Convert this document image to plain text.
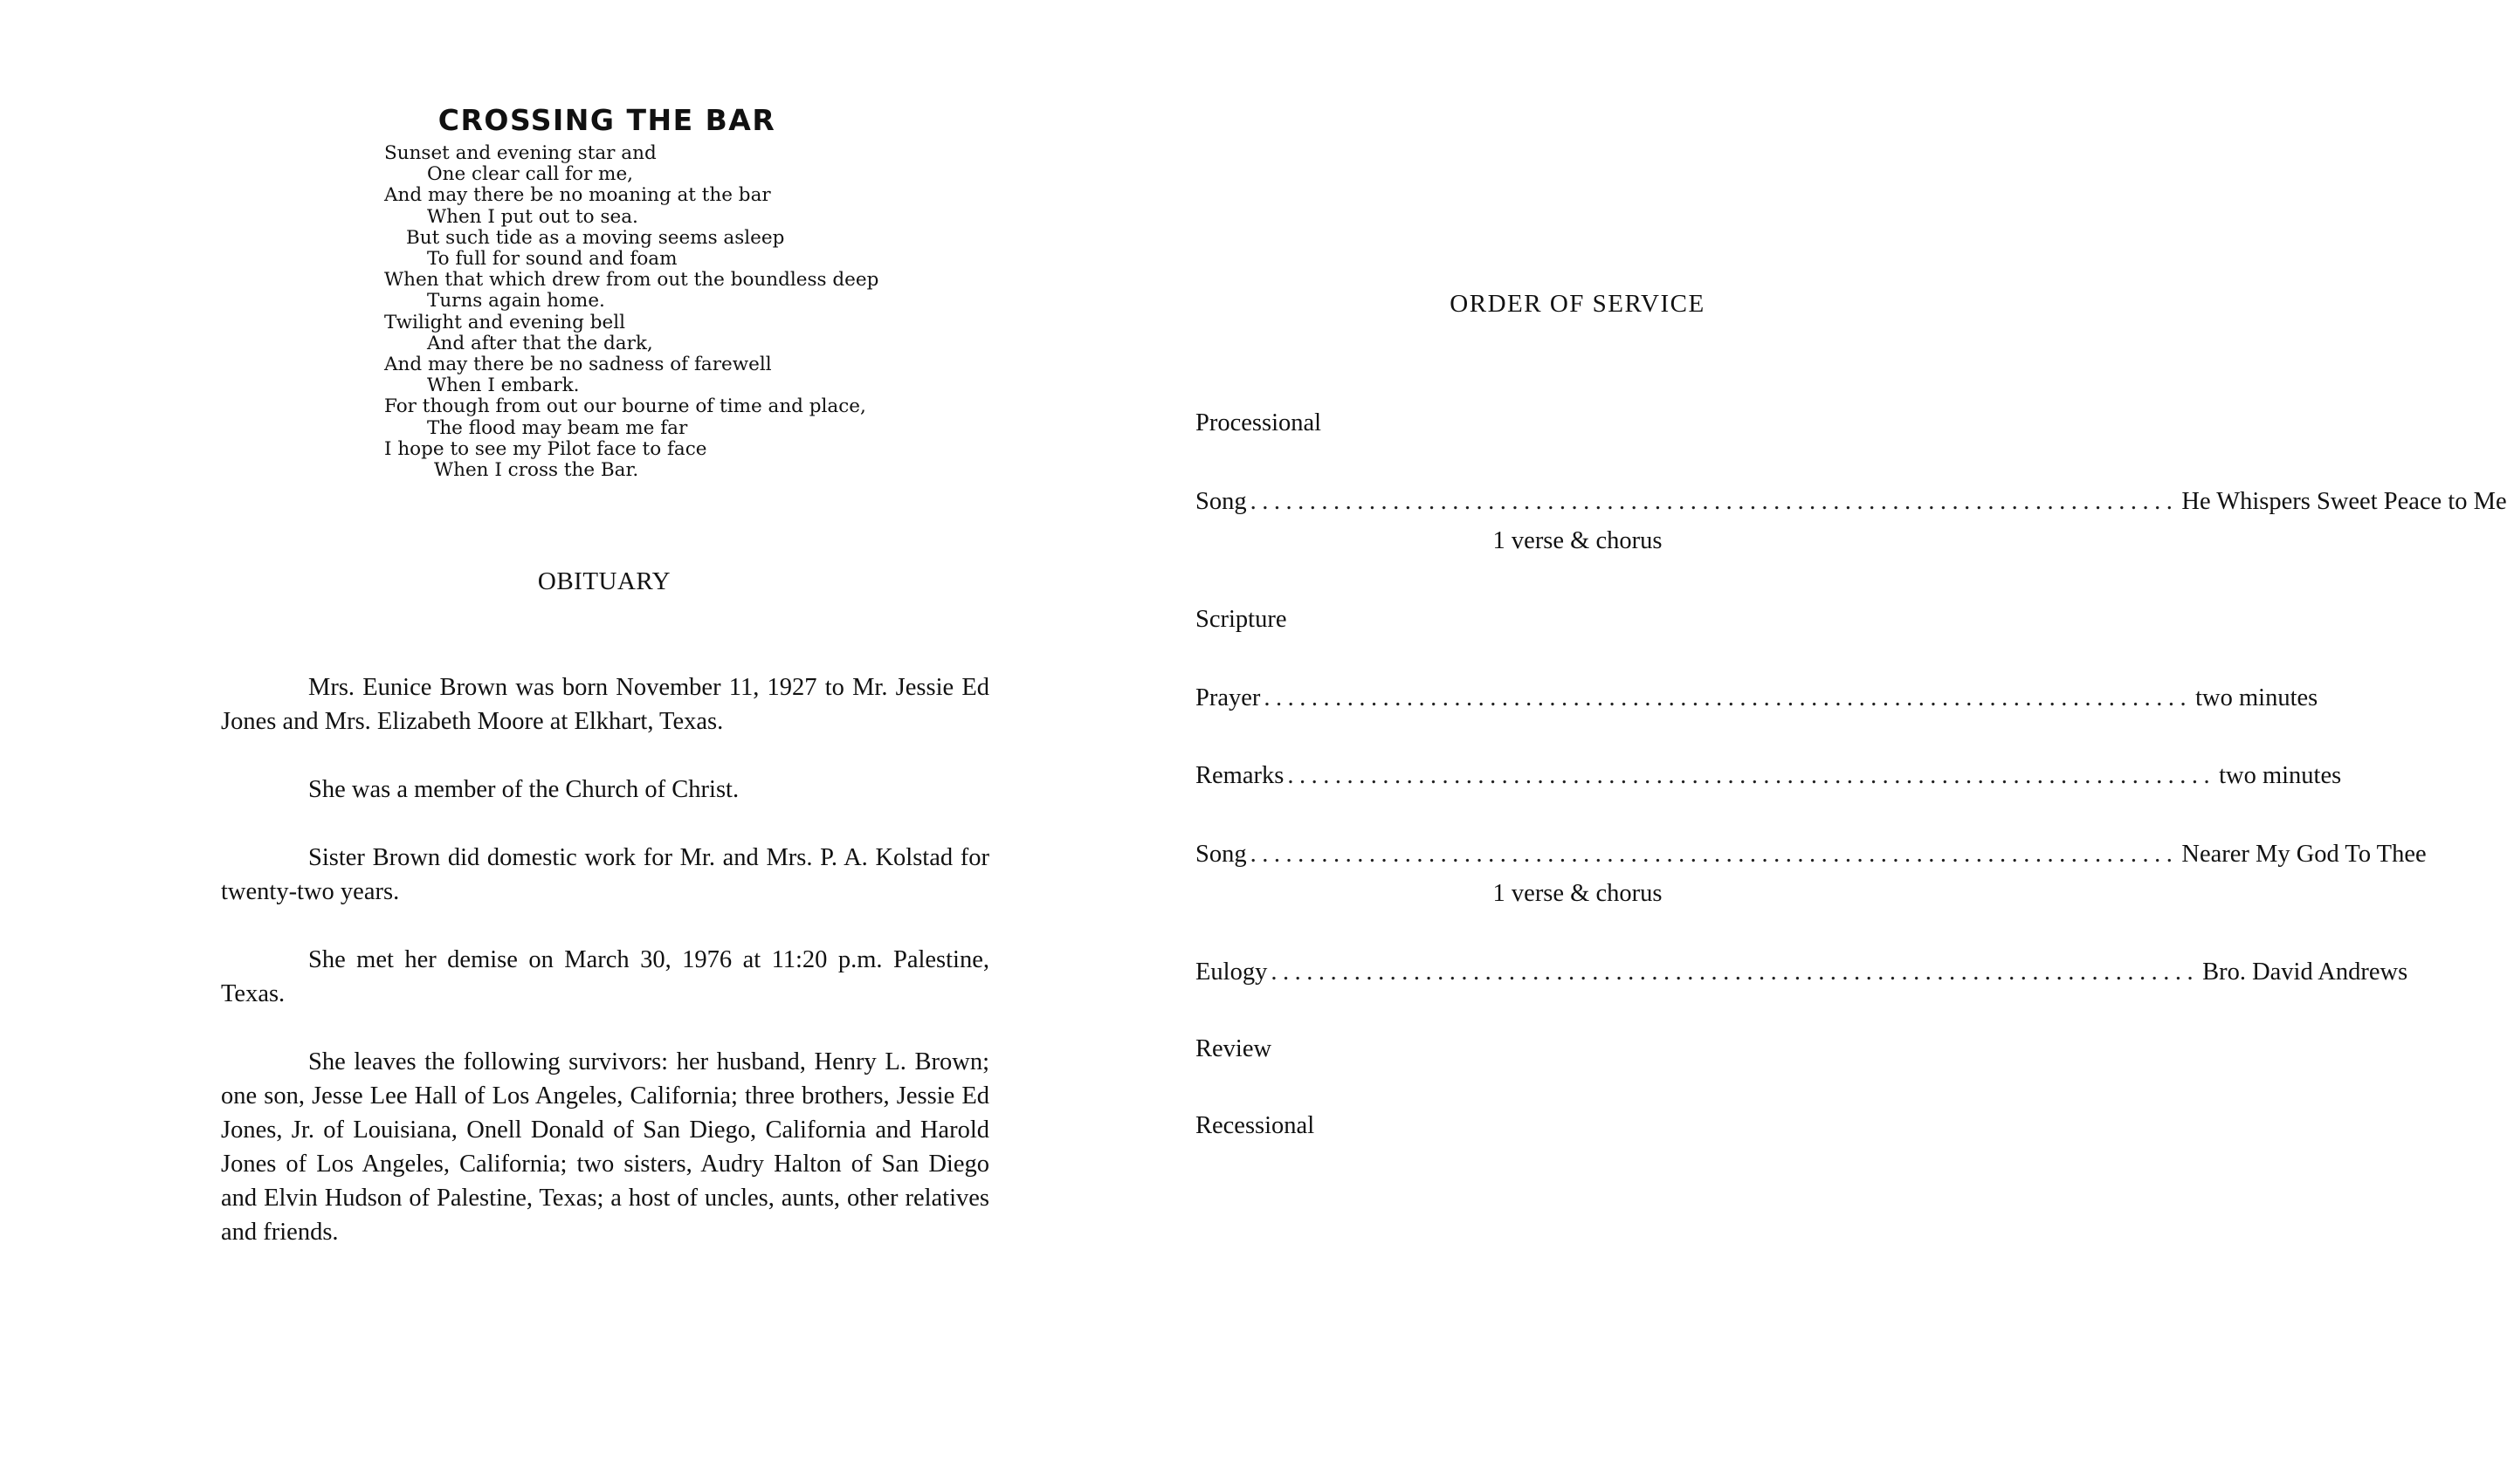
CROSSING THE BAR
Sunset and evening star and
One clear call for me,
And may there be no moaning at the bar
When I put out to sea.
But such tide as a moving seems asleep
To full for sound and foam
When that which drew from out the boundless deep
Turns again home.
Twilight and evening bell
And after that the dark,
And may there be no sadness of farewell
When I embark.
For though from out our bourne of time and place,
The flood may beam me far
I hope to see my Pilot face to face
When I cross the Bar.
OBITUARY

Mrs. Eunice Brown was born November 11, 1927 to Mr. Jessie Ed Jones and Mrs. Elizabeth Moore at Elkhart, Texas.

She was a member of the Church of Christ.

Sister Brown did domestic work for Mr. and Mrs. P. A. Kolstad for twenty-two years.

She met her demise on March 30, 1976 at 11:20 p.m. Palestine, Texas.

She leaves the following survivors: her husband, Henry L. Brown; one son, Jesse Lee Hall of Los Angeles, California; three brothers, Jessie Ed Jones, Jr. of Louisiana, Onell Donald of San Diego, California and Harold Jones of Los Angeles, California; two sisters, Audry Halton of San Diego and Elvin Hudson of Palestine, Texas; a host of uncles, aunts, other relatives and friends.

ORDER OF SERVICE
Processional
Song .............................................................................. He Whispers Sweet Peace to Me
1 verse & chorus
Scripture
Prayer .............................................................................. two minutes
Remarks .............................................................................. two minutes
Song .............................................................................. Nearer My God To Thee
1 verse & chorus
Eulogy .............................................................................. Bro. David Andrews
Review
Recessional
